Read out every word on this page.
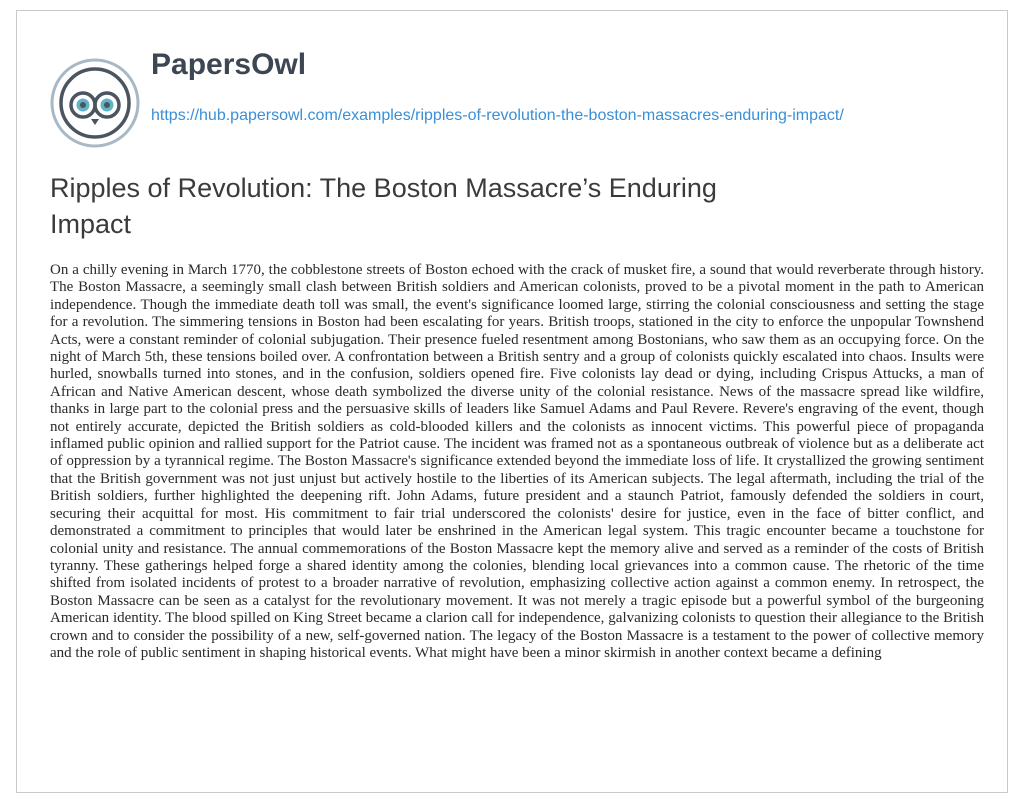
PapersOwl
https://hub.papersowl.com/examples/ripples-of-revolution-the-boston-massacres-enduring-impact/
Ripples of Revolution: The Boston Massacre’s Enduring Impact

On a chilly evening in March 1770, the cobblestone streets of Boston echoed with the crack of musket fire, a sound that would reverberate through history. The Boston Massacre, a seemingly small clash between British soldiers and American colonists, proved to be a pivotal moment in the path to American independence. Though the immediate death toll was small, the event's significance loomed large, stirring the colonial consciousness and setting the stage for a revolution. The simmering tensions in Boston had been escalating for years. British troops, stationed in the city to enforce the unpopular Townshend Acts, were a constant reminder of colonial subjugation. Their presence fueled resentment among Bostonians, who saw them as an occupying force. On the night of March 5th, these tensions boiled over. A confrontation between a British sentry and a group of colonists quickly escalated into chaos. Insults were hurled, snowballs turned into stones, and in the confusion, soldiers opened fire. Five colonists lay dead or dying, including Crispus Attucks, a man of African and Native American descent, whose death symbolized the diverse unity of the colonial resistance. News of the massacre spread like wildfire, thanks in large part to the colonial press and the persuasive skills of leaders like Samuel Adams and Paul Revere. Revere's engraving of the event, though not entirely accurate, depicted the British soldiers as cold-blooded killers and the colonists as innocent victims. This powerful piece of propaganda inflamed public opinion and rallied support for the Patriot cause. The incident was framed not as a spontaneous outbreak of violence but as a deliberate act of oppression by a tyrannical regime. The Boston Massacre's significance extended beyond the immediate loss of life. It crystallized the growing sentiment that the British government was not just unjust but actively hostile to the liberties of its American subjects. The legal aftermath, including the trial of the British soldiers, further highlighted the deepening rift. John Adams, future president and a staunch Patriot, famously defended the soldiers in court, securing their acquittal for most. His commitment to fair trial underscored the colonists' desire for justice, even in the face of bitter conflict, and demonstrated a commitment to principles that would later be enshrined in the American legal system. This tragic encounter became a touchstone for colonial unity and resistance. The annual commemorations of the Boston Massacre kept the memory alive and served as a reminder of the costs of British tyranny. These gatherings helped forge a shared identity among the colonies, blending local grievances into a common cause. The rhetoric of the time shifted from isolated incidents of protest to a broader narrative of revolution, emphasizing collective action against a common enemy. In retrospect, the Boston Massacre can be seen as a catalyst for the revolutionary movement. It was not merely a tragic episode but a powerful symbol of the burgeoning American identity. The blood spilled on King Street became a clarion call for independence, galvanizing colonists to question their allegiance to the British crown and to consider the possibility of a new, self-governed nation. The legacy of the Boston Massacre is a testament to the power of collective memory and the role of public sentiment in shaping historical events. What might have been a minor skirmish in another context became a defining
